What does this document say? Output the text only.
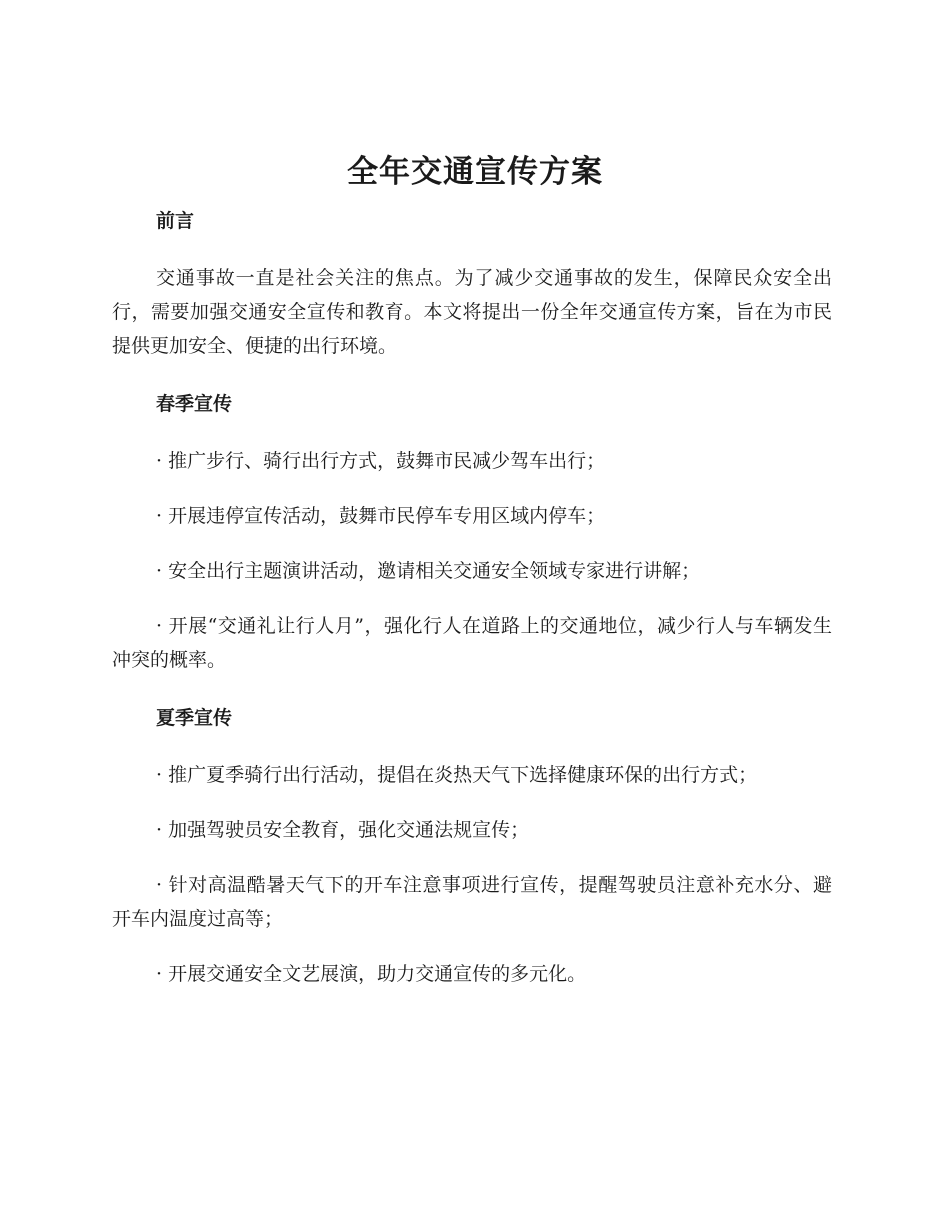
全年交通宣传方案

前言

交通事故一直是社会关注的焦点。为了减少交通事故的发生，保障民众安全出行，需要加强交通安全宣传和教育。本文将提出一份全年交通宣传方案，旨在为市民提供更加安全、便捷的出行环境。

春季宣传

· 推广步行、骑行出行方式，鼓舞市民减少驾车出行；

· 开展违停宣传活动，鼓舞市民停车专用区域内停车；

· 安全出行主题演讲活动，邀请相关交通安全领域专家进行讲解；

· 开展“交通礼让行人月”，强化行人在道路上的交通地位，减少行人与车辆发生冲突的概率。

夏季宣传

· 推广夏季骑行出行活动，提倡在炎热天气下选择健康环保的出行方式；

· 加强驾驶员安全教育，强化交通法规宣传；

· 针对高温酷暑天气下的开车注意事项进行宣传，提醒驾驶员注意补充水分、避开车内温度过高等；

· 开展交通安全文艺展演，助力交通宣传的多元化。
